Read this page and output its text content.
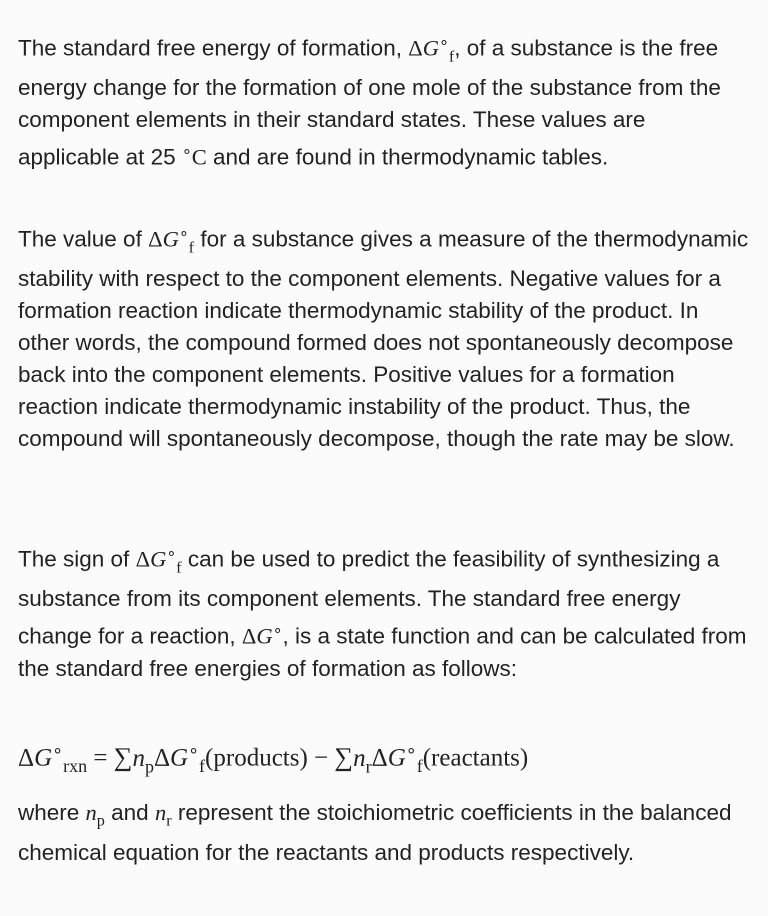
The standard free energy of formation, $\Delta G^\circ_f$, of a substance is the free energy change for the formation of one mole of the substance from the component elements in their standard states. These values are applicable at 25 ∘C and are found in thermodynamic tables.

The value of $\Delta G^\circ_f$ for a substance gives a measure of the thermodynamic stability with respect to the component elements. Negative values for a formation reaction indicate thermodynamic stability of the product. In other words, the compound formed does not spontaneously decompose back into the component elements. Positive values for a formation reaction indicate thermodynamic instability of the product. Thus, the compound will spontaneously decompose, though the rate may be slow.

The sign of $\Delta G^\circ_f$ can be used to predict the feasibility of synthesizing a substance from its component elements. The standard free energy change for a reaction, ΔG∘, is a state function and can be calculated from the standard free energies of formation as follows:

$\Delta G^\circ_{rxn}$ = $\sum n_p\Delta G^\circ_f(products)$ − $\sum n_r\Delta G^\circ_f(reactants)$

where $n_p$ and $n_r$ represent the stoichiometric coefficients in the balanced chemical equation for the reactants and products respectively.
